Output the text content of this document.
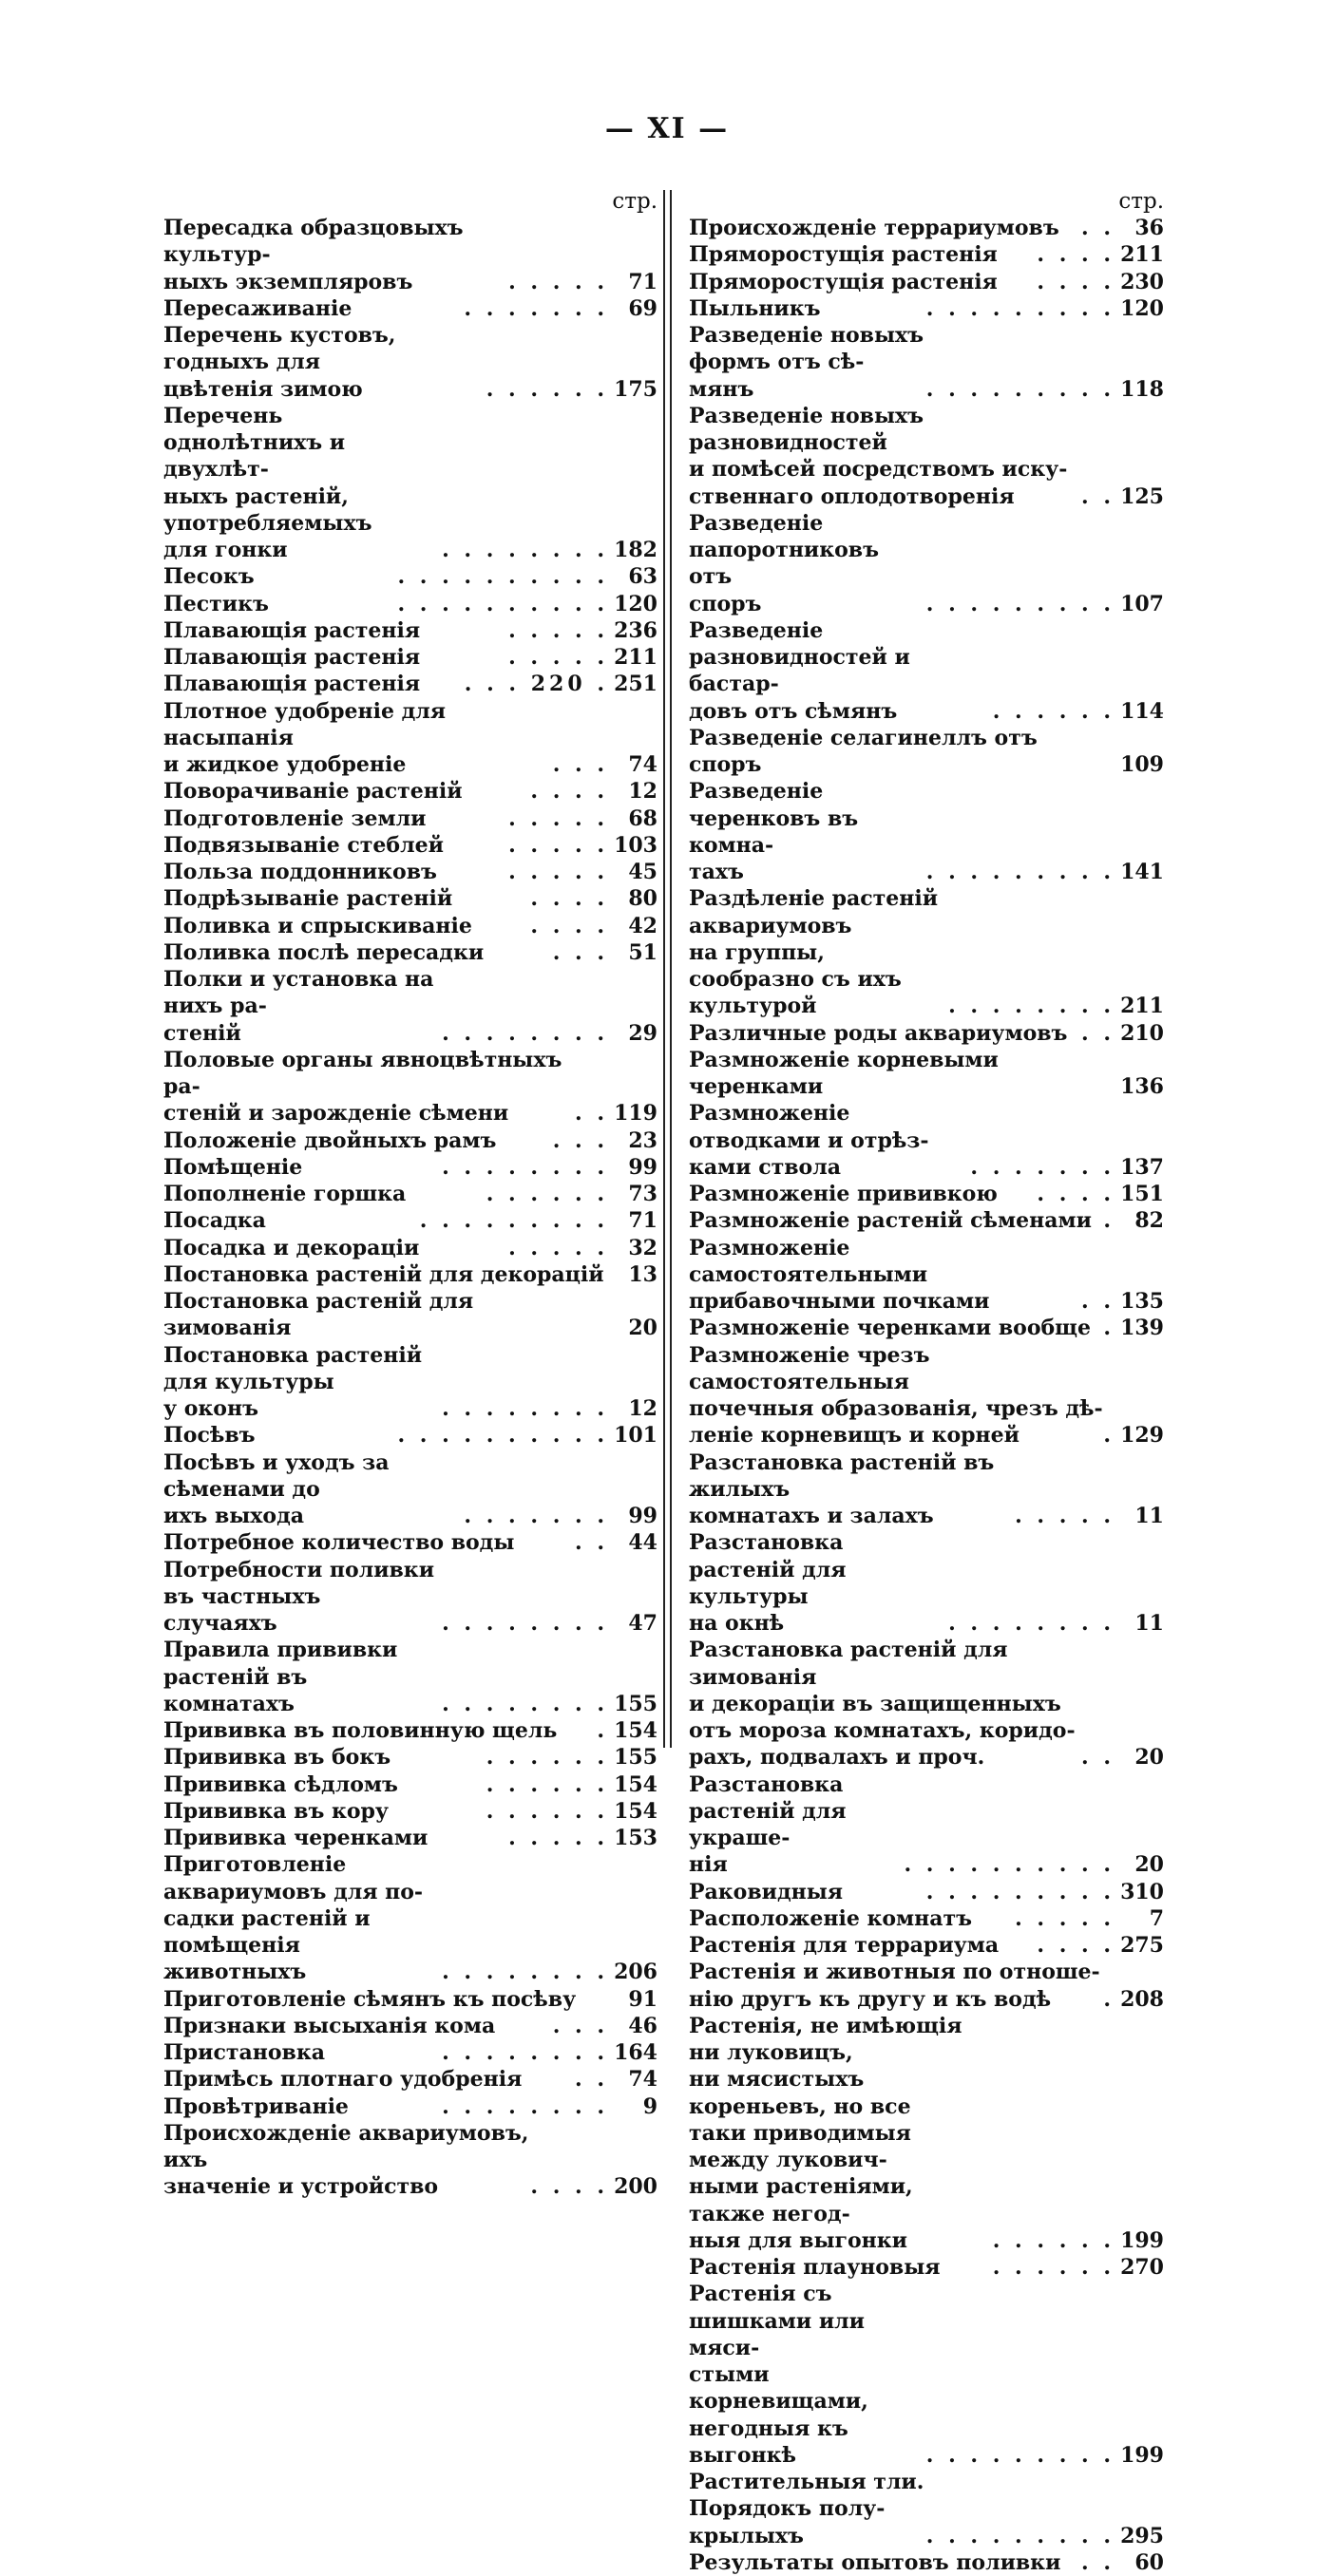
— XI —
стр.
Пересадка образцовыхъ культур-
ныхъ экземпляровъ	. . . . . 71
Пересаживаніе	. . . . . . . 69
Перечень кустовъ, годныхъ для
цвѣтенія зимою	. . . . . . 175
Перечень однолѣтнихъ и двухлѣт-
ныхъ растеній, употребляемыхъ
для гонки	. . . . . . . . 182
Песокъ	. . . . . . . . . . 63
Пестикъ	. . . . . . . . . . 120
Плавающія растенія	. . . . . 236
Плавающія растенія	. . . . . 211
Плавающія растенія	. . . 220 . 251
Плотное удобреніе для насыпанія
и жидкое удобреніе	. . . 74
Поворачиваніе растеній	. . . . 12
Подготовленіе земли	. . . . . 68
Подвязываніе стеблей	. . . . . 103
Польза поддонниковъ	. . . . . 45
Подрѣзываніе растеній	. . . . 80
Поливка и спрыскиваніе	. . . . 42
Поливка послѣ пересадки	. . . 51
Полки и установка на нихъ ра-
стеній	. . . . . . . . 29
Половые органы явноцвѣтныхъ ра-
стеній и зарожденіе сѣмени	. . 119
Положеніе двойныхъ рамъ	. . . 23
Помѣщеніе	. . . . . . . . 99
Пополненіе горшка	. . . . . . 73
Посадка	. . . . . . . . . 71
Посадка и декораціи	. . . . . 32
Постановка растеній для декорацій	13
Постановка растеній для зимованія	20
Постановка растеній для культуры
у оконъ	. . . . . . . . 12
Посѣвъ	. . . . . . . . . . 101
Посѣвъ и уходъ за сѣменами до
ихъ выхода	. . . . . . . 99
Потребное количество воды	. . 44
Потребности поливки въ частныхъ
случаяхъ	. . . . . . . . 47
Правила прививки растеній въ
комнатахъ	. . . . . . . . 155
Прививка въ половинную щель	. 154
Прививка въ бокъ	. . . . . . 155
Прививка сѣдломъ	. . . . . . 154
Прививка въ кору	. . . . . . 154
Прививка черенками	. . . . . 153
Приготовленіе аквариумовъ для по-
садки растеній и помѣщенія
животныхъ	. . . . . . . . 206
Приготовленіе сѣмянъ къ посѣву	91
Признаки высыханія кома	. . . 46
Пристановка	. . . . . . . . 164
Примѣсь плотнаго удобренія	. . 74
Провѣтриваніе	. . . . . . . .	9
Происхожденіе аквариумовъ, ихъ
значеніе и устройство	. . . . 200
стр.
Происхожденіе террариумовъ	. . 36
Пряморостущія растенія	. . . . 211
Пряморостущія растенія	. . . . 230
Пыльникъ	. . . . . . . . . 120
Разведеніе новыхъ формъ отъ сѣ-
мянъ	. . . . . . . . . 118
Разведеніе новыхъ разновидностей
и помѣсей посредствомъ иску-
ственнаго оплодотворенія	. . 125
Разведеніе папоротниковъ отъ
споръ	. . . . . . . . . 107
Разведеніе разновидностей и бастар-
довъ отъ сѣмянъ	. . . . . . 114
Разведеніе селагинеллъ отъ споръ	109
Разведеніе черенковъ въ комна-
тахъ	. . . . . . . . . 141
Раздѣленіе растеній аквариумовъ
на группы, сообразно съ ихъ
культурой	. . . . . . . . 211
Различные роды аквариумовъ . . 210
Размноженіе корневыми черенками	136
Размноженіе отводками и отрѣз-
ками ствола	. . . . . . . 137
Размноженіе прививкою	. . . . 151
Размноженіе растеній сѣменами . 82
Размноженіе самостоятельными
прибавочными почками	. . 135
Размноженіе черенками вообще . 139
Размноженіе чрезъ самостоятельныя
почечныя образованія, чрезъ дѣ-
леніе корневищъ и корней	. 129
Разстановка растеній въ жилыхъ
комнатахъ и залахъ	. . . . . 11
Разстановка растеній для культуры
на окнѣ	. . . . . . . . 11
Разстановка растеній для зимованія
и декораціи въ защищенныхъ
отъ мороза комнатахъ, коридо-
рахъ, подвалахъ и проч.	. . 20
Разстановка растеній для украше-
нія	. . . . . . . . . . 20
Раковидныя	. . . . . . . . . 310
Расположеніе комнатъ	. . . . .	7
Растенія для террариума	. . . . 275
Растенія и животныя по отноше-
нію другъ къ другу и къ водѣ	. 208
Растенія, не имѣющія ни луковицъ,
ни мясистыхъ кореньевъ, но все
таки приводимыя между лукович-
ными растеніями, также негод-
ныя для выгонки	. . . . . . 199
Растенія плауновыя	. . . . . . 270
Растенія съ шишками или мяси-
стыми корневищами, негодныя къ
выгонкѣ	. . . . . . . . . 199
Растительныя тли. Порядокъ полу-
крылыхъ	. . . . . . . . . 295
Результаты опытовъ поливки . . 60
